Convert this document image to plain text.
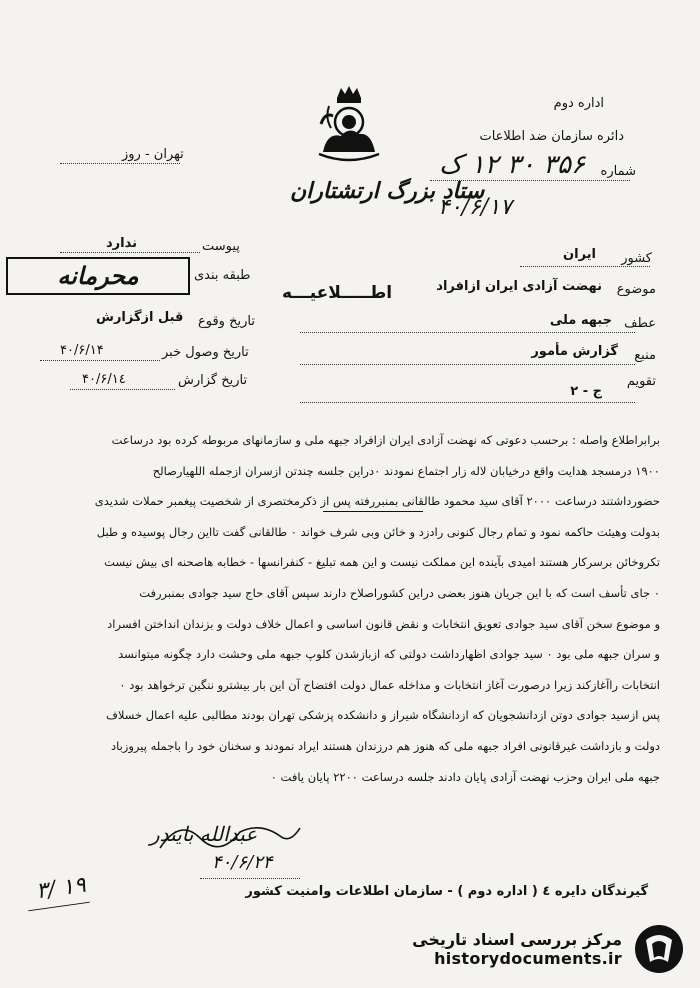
اداره دوم
دائره سازمان ضد اطلاعات
شماره
۳۵۶ ۳۰ ۱۲ ک
۴۰/۶/۱۷
ستاد بزرگ ارتشتاران
تهران - روز
پیوست
ندارد
طبقه بندی
محرمانه
تاریخ وقوع
قبل ازگزارش
تاریخ وصول خبر
۴۰/۶/۱۴
تاریخ گزارش
۴۰/۶/۱٤
کشور
ایران
موضوع
نهضت آزادی ایران ازافراد
اطـــــلاعیـــه
عطف
جبهه ملی
منبع
گزارش مأمور
تقویم
ج - ۲

برابراطلاع واصله : برحسب دعوتی که نهضت آزادی ایران ازافراد جبهه ملی و سازمانهای مربوطه کرده بود درساعت

۱۹۰۰ درمسجد هدایت واقع درخیابان لاله زار اجتماع نمودند ٠دراین جلسه چندتن ازسران ازجمله اللهیارصالح

حضورداشتند درساعت ۲۰۰۰ آقای سید محمود طالقانی بمنبررفته پس از ذکرمختصری از شخصیت پیغمبر حملات شدیدی

بدولت وهیئت حاکمه نمود و تمام رجال کنونی رادزد و خائن وبی شرف خواند ٠ طالقانی گفت تااین رجال پوسیده و طبل

تکروخائن برسرکار هستند امیدی بآینده این مملکت نیست و این همه تبلیغ - کنفرانسها - خطابه هاصحنه ای بیش نیست

٠ جای تأسف است که با این جریان هنوز بعضی دراین کشوراصلاح دارند سپس آقای حاج سید جوادی بمنبررفت

و موضوع سخن آقای سید جوادی تعویق انتخابات و نقض قانون اساسی و اعمال خلاف دولت و بزندان انداختن افسراد

و سران جبهه ملی بود ٠ سید جوادی اظهارداشت دولتی که ازبازشدن کلوپ جبهه ملی وحشت دارد چگونه میتوانسد

انتخابات راآغازکند زیرا درصورت آغاز انتخابات و مداخله عمال دولت افتضاح آن این بار بیشترو ننگین ترخواهد بود ٠

پس ازسید جوادی دوتن ازدانشجویان که ازدانشگاه شیراز و دانشکده پزشکی تهران بودند مطالبی علیه اعمال خسلاف

دولت و بازداشت غیرقانونی افراد جبهه ملی که هنوز هم درزندان هستند ایراد نمودند و سخنان خود را باجمله پیروزباد

جبهه ملی ایران وحزب نهضت آزادی پایان دادند جلسه درساعت ۲۲۰۰ پایان یافت ٠

عبدالله بایندر
۴۰/۶/۲۴
گیرندگان دایره ٤ ( اداره دوم ) - سازمان اطلاعات وامنیت کشور
۳/ ۱۹
مرکز بررسی اسناد تاریخی
historydocuments.ir
